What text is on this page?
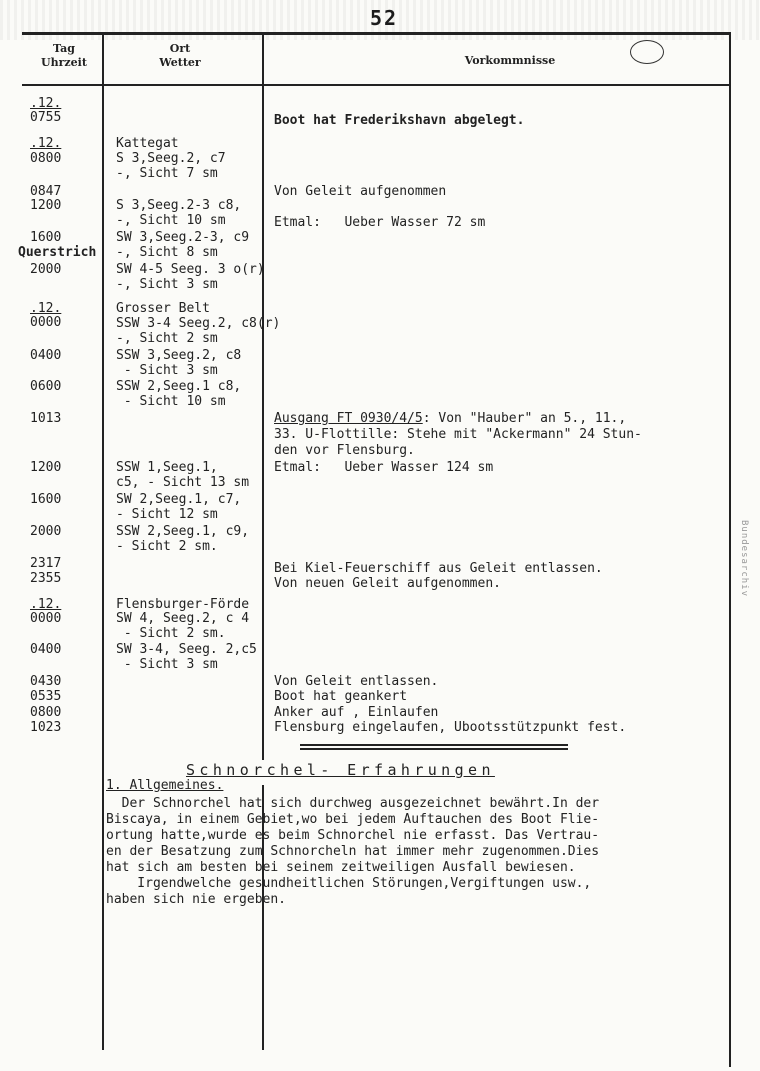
52
Tag
Uhrzeit
Ort
Wetter	Vorkommnisse
.12.
0755
.12.
0800
0847
1200
1600
Querstrich
2000
.12.
0000
0400
0600
1013
1200
1600
2000
2317
2355
.12.
0000
0400
0430
0535
0800
1023
Kattegat
S 3,Seeg.2, c7
-, Sicht 7 sm
S 3,Seeg.2-3 c8,
-, Sicht 10 sm
SW 3,Seeg.2-3, c9
-, Sicht 8 sm
SW 4-5 Seeg. 3 o(r)
-, Sicht 3 sm
Grosser Belt
SSW 3-4 Seeg.2, c8(r)
-, Sicht 2 sm
SSW 3,Seeg.2, c8
- Sicht 3 sm
SSW 2,Seeg.1 c8,
- Sicht 10 sm
SSW 1,Seeg.1,
c5, - Sicht 13 sm
SW 2,Seeg.1, c7,
- Sicht 12 sm
SSW 2,Seeg.1, c9,
- Sicht 2 sm.
Flensburger-Förde
SW 4, Seeg.2, c 4
- Sicht 2 sm.
SW 3-4, Seeg. 2,c5
- Sicht 3 sm
Boot hat Frederikshavn abgelegt.
Von Geleit aufgenommen
Etmal:   Ueber Wasser 72 sm
Ausgang FT 0930/4/5: Von "Hauber" an 5., 11.,
33. U-Flottille: Stehe mit "Ackermann" 24 Stun-
den vor Flensburg.
Etmal:   Ueber Wasser 124 sm
Bei Kiel-Feuerschiff aus Geleit entlassen.
Von neuen Geleit aufgenommen.
Von Geleit entlassen.
Boot hat geankert
Anker auf , Einlaufen
Flensburg eingelaufen, Ubootsstützpunkt fest.
Schnorchel- Erfahrungen
1. Allgemeines.
Der Schnorchel hat sich durchweg ausgezeichnet bewährt.In der
Biscaya, in einem Gebiet,wo bei jedem Auftauchen des Boot Flie-
ortung hatte,wurde es beim Schnorchel nie erfasst. Das Vertrau-
en der Besatzung zum Schnorcheln hat immer mehr zugenommen.Dies
hat sich am besten bei seinem zeitweiligen Ausfall bewiesen.
Irgendwelche gesundheitlichen Störungen,Vergiftungen usw.,
haben sich nie ergeben.
Bundesarchiv
